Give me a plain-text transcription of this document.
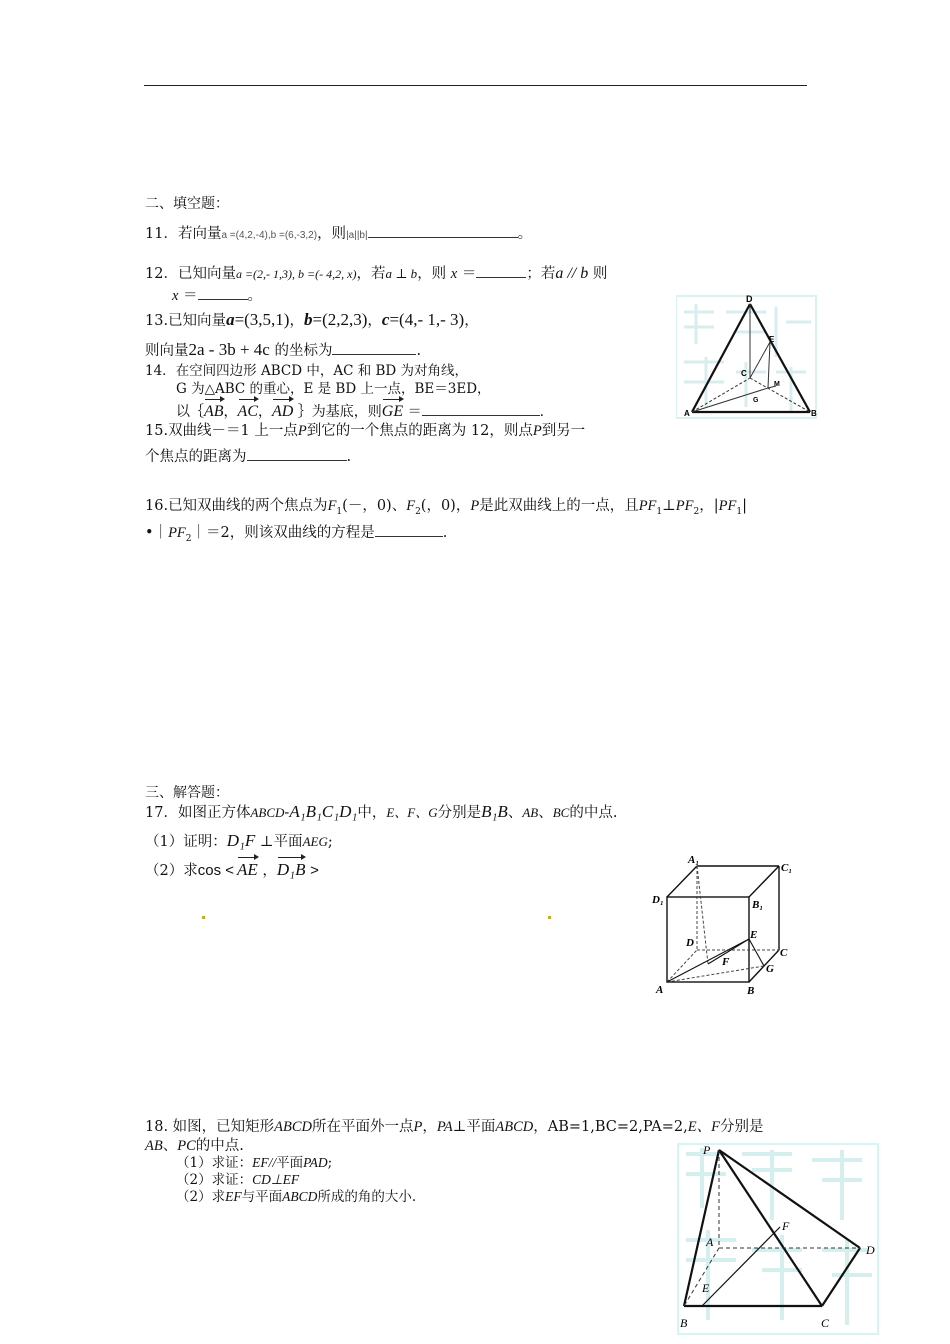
二、填空题：
11．若向量a =(4,2,-4),b =(6,-3,2)，则|a||b|	。
12．已知向量a =(2,- 1,3), b =(- 4,2, x)，若a ⊥ b，则 x ＝	；若a // b 则
x ＝	。
13.已知向量a=(3,5,1)，b=(2,2,3)，c=(4,- 1,- 3)，
则向量2a - 3b + 4c 的坐标为	.
14．在空间四边形 ABCD 中，AC 和 BD 为对角线，
G 为△ABC 的重心，E 是 BD 上一点，BE＝3ED，
以｛AB，AC，AD ｝为基底，则GE ＝	.
D
E
C
M
G
A	B
15.双曲线－＝1 上一点P到它的一个焦点的距离为 12，则点P到另一
个焦点的距离为	.
16.已知双曲线的两个焦点为$F_1(-$，0)、$F_2$(，0)，P是此双曲线上的一点，且$PF_1\perp PF_2$，$|PF_1|$
$•|PF_2|=2$，则该双曲线的方程是	.
三、解答题：
17．如图正方体ABCD-A₁B₁C₁D₁中，E、F、G分别是B₁B、AB、BC的中点.
（1）证明：D₁F ⊥平面AEG;
（2）求cos < AE ，D₁B >
A₁
C₁
D₁	B₁
D
E
C
F
G
A	B
18. 如图，已知矩形ABCD所在平面外一点P，PA⊥平面ABCD，AB=1,BC=2,PA=2,E、F分别是
AB、PC的中点.
（1）求证：EF//平面PAD;
（2）求证：CD⊥EF
（2）求EF与平面ABCD所成的角的大小.
P
F
A
D
E
B	C
